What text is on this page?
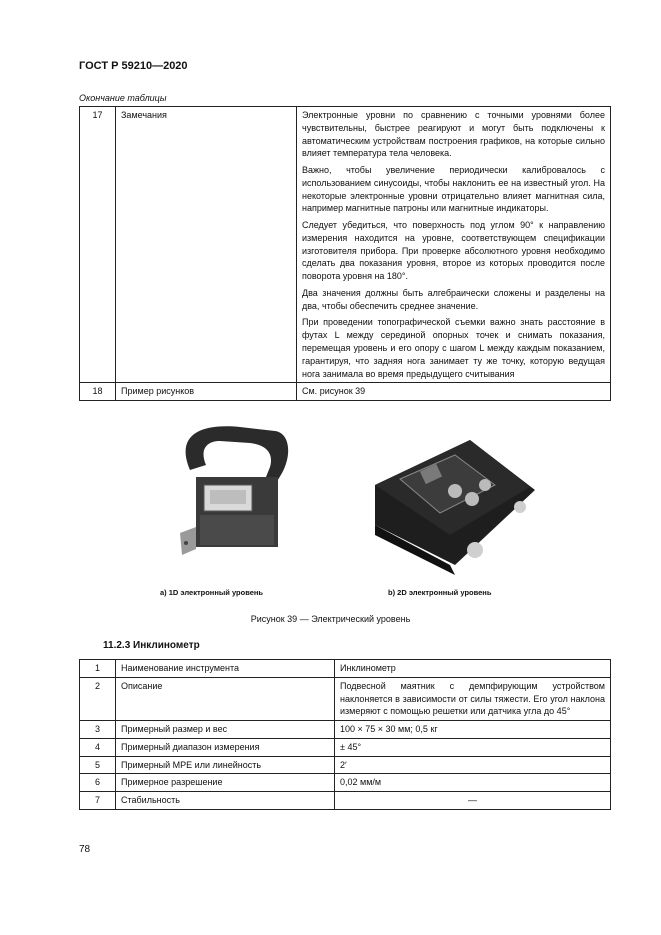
ГОСТ Р 59210—2020
Окончание таблицы
17	Замечания	Электронные уровни по сравнению с точными уровнями более чувствительны, быстрее реагируют и могут быть подключены к автоматическим устройствам построения графиков, на которые сильно влияет температура тела человека.

Важно, чтобы увеличение периодически калибровалось с использованием синусоиды, чтобы наклонить ее на известный угол. На некоторые электронные уровни отрицательно влияет магнитная сила, например магнитные патроны или магнитные индикаторы.

Следует убедиться, что поверхность под углом 90° к направлению измерения находится на уровне, соответствующем спецификации изготовителя прибора. При проверке абсолютного уровня необходимо сделать два показания уровня, второе из которых проводится после поворота уровня на 180°.

Два значения должны быть алгебраически сложены и разделены на два, чтобы обеспечить среднее значение.

При проведении топографической съемки важно знать расстояние в футах L между серединой опорных точек и снимать показания, перемещая уровень и его опору с шагом L между каждым показанием, гарантируя, что задняя нога занимает ту же точку, которую ведущая нога занимала во время предыдущего считывания

18	Пример рисунков	См. рисунок 39
а) 1D электронный уровень	b) 2D электронный уровень
Рисунок 39 — Электрический уровень
11.2.3 Инклинометр
1	Наименование инструмента	Инклинометр
2	Описание	Подвесной маятник с демпфирующим устройством наклоняется в зависимости от силы тяжести. Его угол наклона измеряют с помощью решетки или датчика угла до 45°
3	Примерный размер и вес	100 × 75 × 30 мм; 0,5 кг
4	Примерный диапазон измерения	± 45°
5	Примерный MPE или линейность	2′
6	Примерное разрешение	0,02 мм/м
7	Стабильность	—
78
